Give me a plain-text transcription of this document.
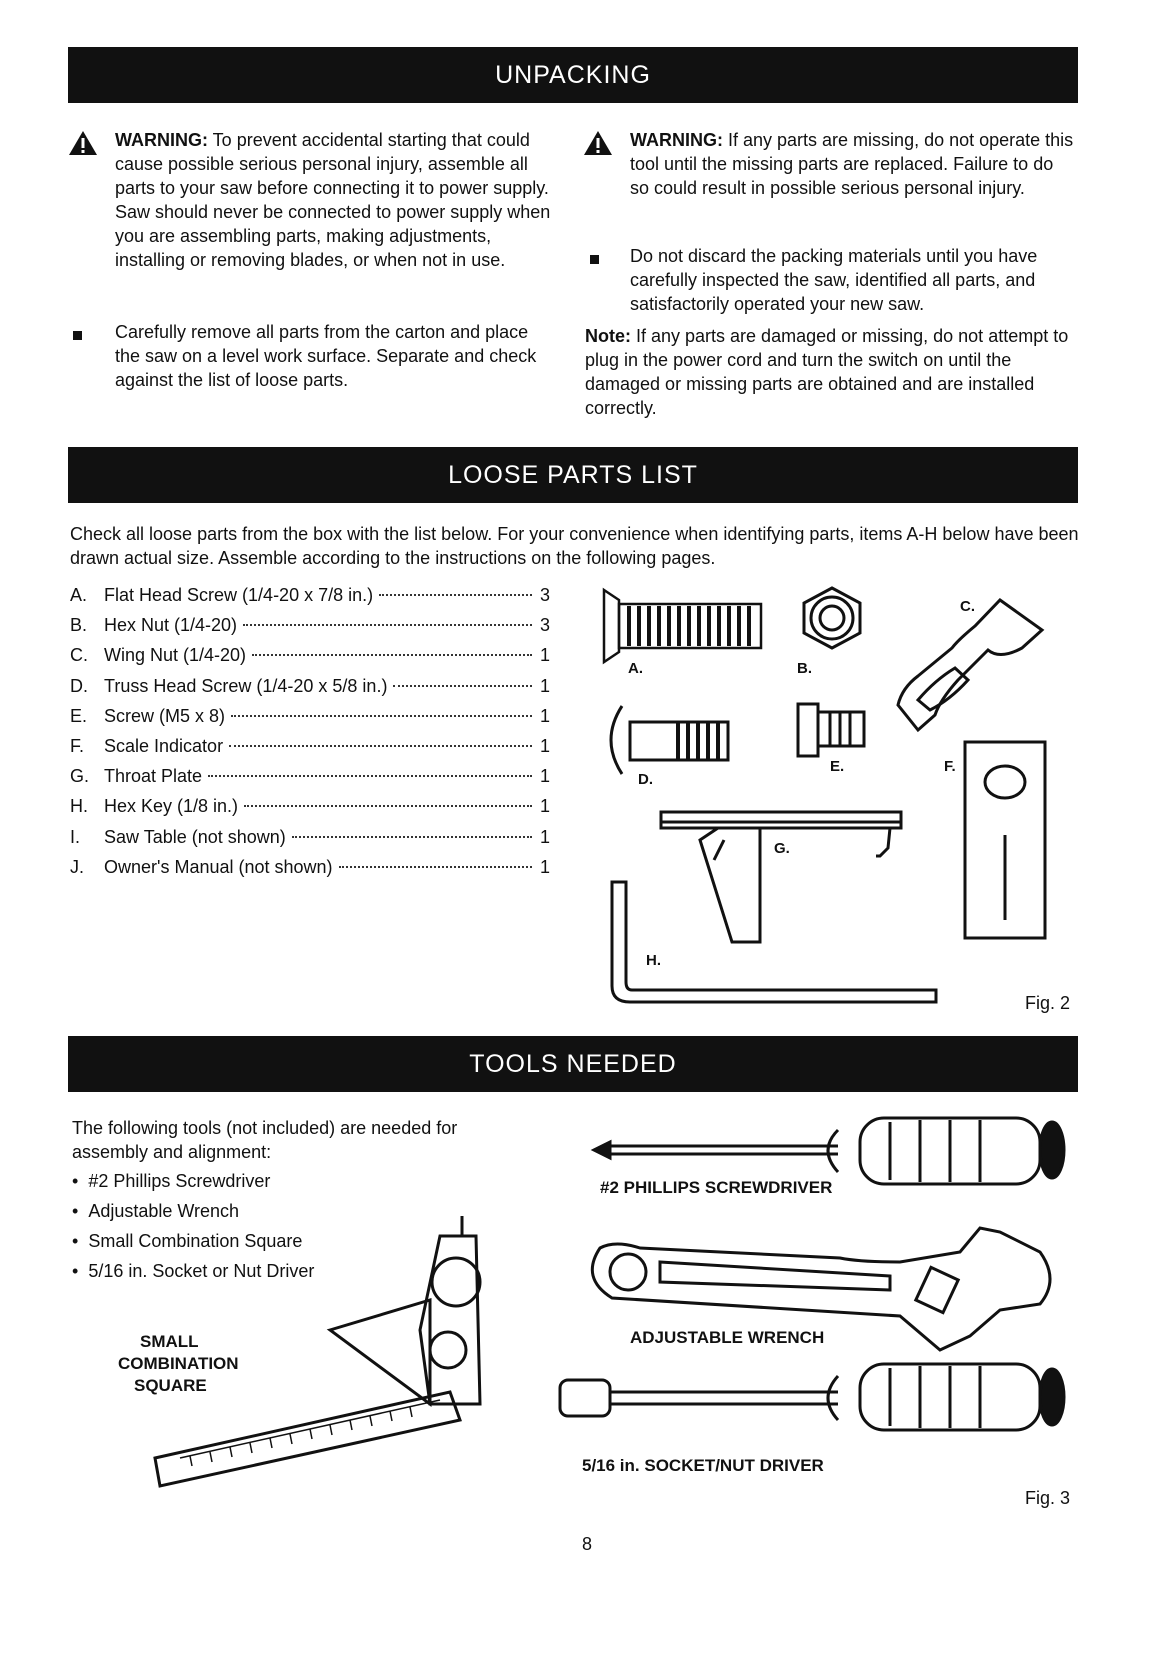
UNPACKING
WARNING: To prevent accidental starting that could cause possible serious personal injury, assemble all parts to your saw before connecting it to power supply. Saw should never be connected to power supply when you are assembling parts, making adjustments, installing or removing blades, or when not in use.
Carefully remove all parts from the carton and place the saw on a level work surface. Separate and check against the list of loose parts.
WARNING: If any parts are missing, do not operate this tool until the missing parts are replaced. Failure to do so could result in possible serious personal injury.
Do not discard the packing materials until you have carefully inspected the saw, identified all parts, and satisfactorily operated your new saw.
Note: If any parts are damaged or missing, do not attempt to plug in the power cord and turn the switch on until the damaged or missing parts are obtained and are installed correctly.
LOOSE PARTS LIST
Check all loose parts from the box with the list below. For your convenience when identifying parts, items A-H below have been drawn actual size. Assemble according to the instructions on the following pages.
A. Flat Head Screw (1/4-20 x 7/8 in.)	3
B. Hex Nut (1/4-20)	3
C. Wing Nut (1/4-20)	1
D. Truss Head Screw (1/4-20 x 5/8 in.)	1
E. Screw (M5 x 8)	1
F.	Scale Indicator	1
G. Throat Plate	1
H. Hex Key (1/8 in.)	1
I.	Saw Table (not shown)	1
J.	Owner's Manual (not shown)	1
A.	B.
C.
D.
E.	F.
G.
H.
Fig. 2
TOOLS NEEDED
The following tools (not included) are needed for assembly and alignment:
• #2 Phillips Screwdriver
• Adjustable Wrench
• Small Combination Square
• 5/16 in. Socket or Nut Driver
SMALL
COMBINATION
SQUARE
#2 PHILLIPS SCREWDRIVER
ADJUSTABLE WRENCH
5/16 in. SOCKET/NUT DRIVER
Fig. 3
8
